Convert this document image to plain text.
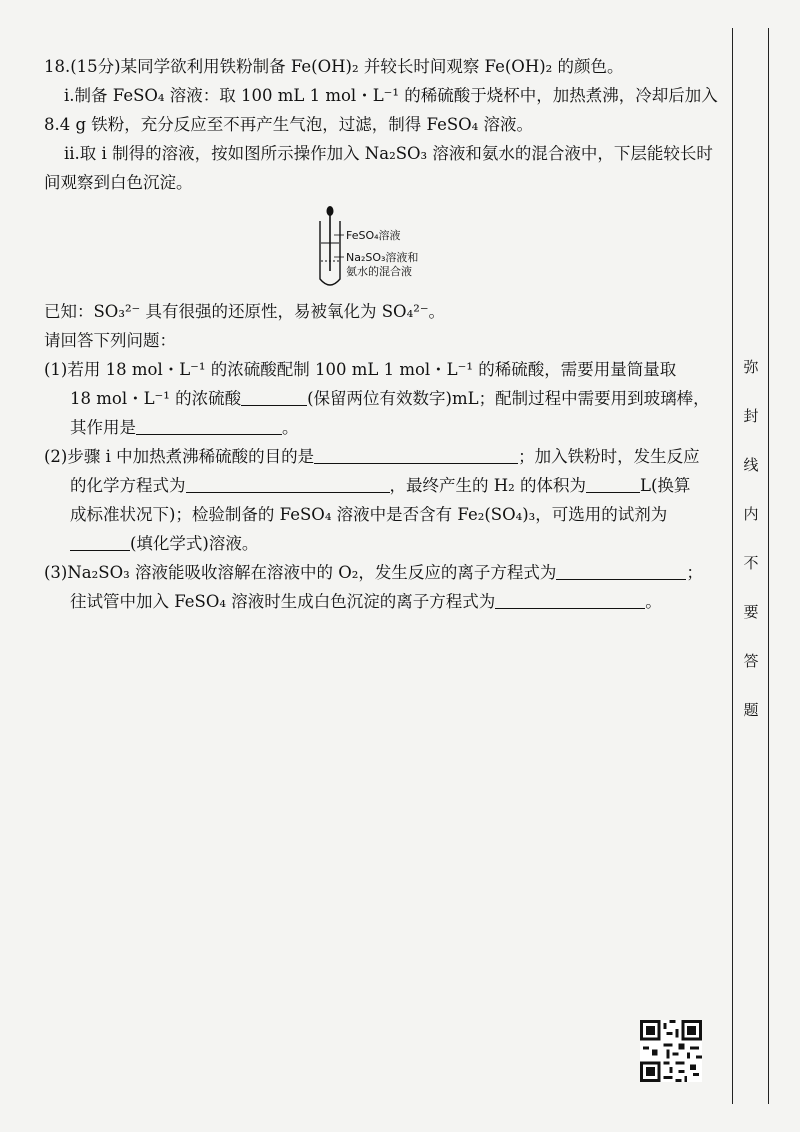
18.(15分)某同学欲利用铁粉制备 Fe(OH)₂ 并较长时间观察 Fe(OH)₂ 的颜色。

ⅰ.制备 FeSO₄ 溶液：取 100 mL 1 mol・L⁻¹ 的稀硫酸于烧杯中，加热煮沸，冷却后加入

8.4 g 铁粉，充分反应至不再产生气泡，过滤，制得 FeSO₄ 溶液。

ⅱ.取 ⅰ 制得的溶液，按如图所示操作加入 Na₂SO₃ 溶液和氨水的混合液中，下层能较长时

间观察到白色沉淀。

FeSO₄溶液
Na₂SO₃溶液和
氨水的混合液

已知：SO₃²⁻ 具有很强的还原性，易被氧化为 SO₄²⁻。

请回答下列问题：

(1)若用 18 mol・L⁻¹ 的浓硫酸配制 100 mL 1 mol・L⁻¹ 的稀硫酸，需要用量筒量取

18 mol・L⁻¹ 的浓硫酸	(保留两位有效数字)mL；配制过程中需要用到玻璃棒，

其作用是	。

(2)步骤 ⅰ 中加热煮沸稀硫酸的目的是	；加入铁粉时，发生反应

的化学方程式为	，最终产生的 H₂ 的体积为	L(换算

成标准状况下)；检验制备的 FeSO₄ 溶液中是否含有 Fe₂(SO₄)₃，可选用的试剂为

(填化学式)溶液。

(3)Na₂SO₃ 溶液能吸收溶解在溶液中的 O₂，发生反应的离子方程式为	；

往试管中加入 FeSO₄ 溶液时生成白色沉淀的离子方程式为	。

弥
封
线
内
不
要
答
题
